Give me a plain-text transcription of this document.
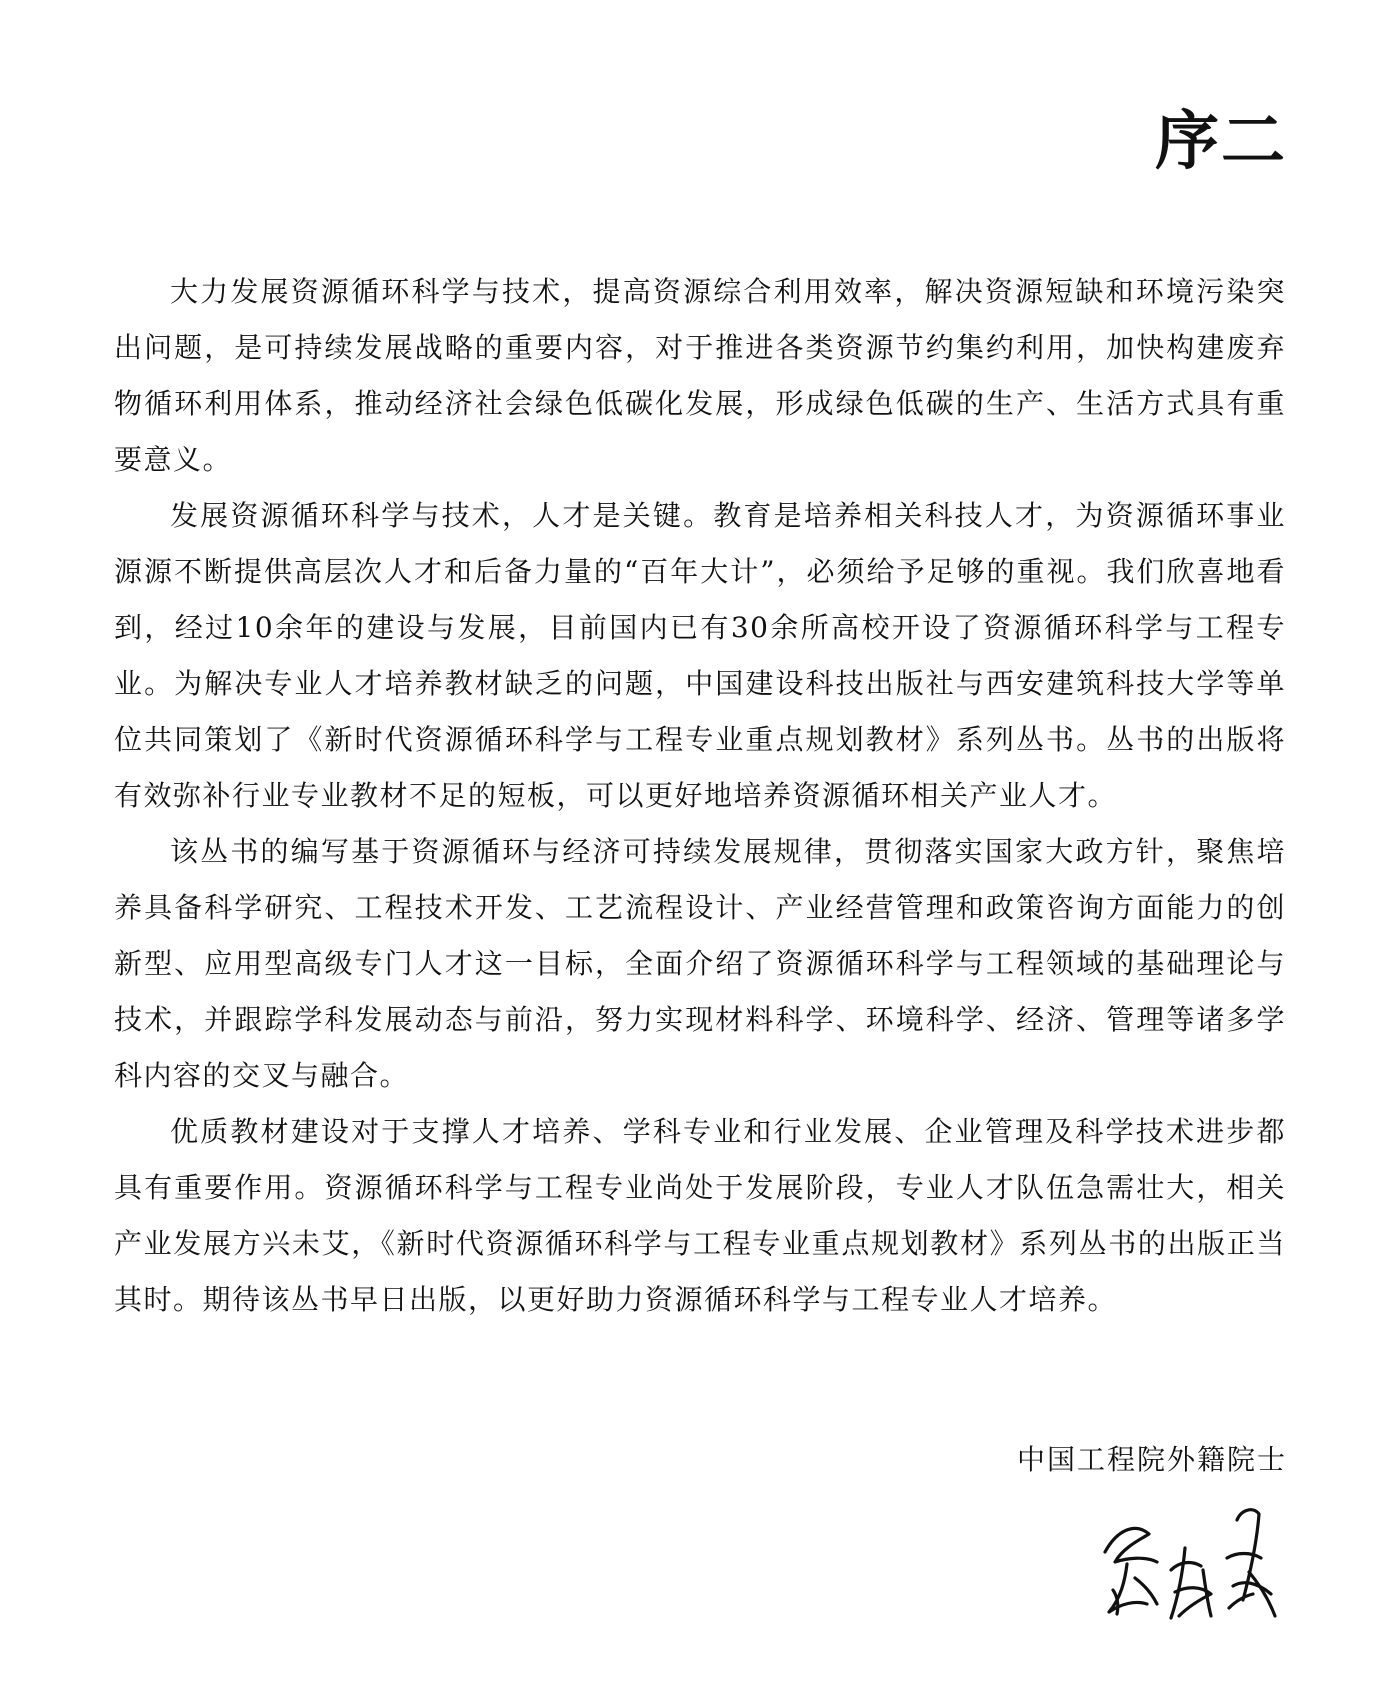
序二

大力发展资源循环科学与技术，提高资源综合利用效率，解决资源短缺和环境污染突出问题，是可持续发展战略的重要内容，对于推进各类资源节约集约利用，加快构建废弃物循环利用体系，推动经济社会绿色低碳化发展，形成绿色低碳的生产、生活方式具有重要意义。

发展资源循环科学与技术，人才是关键。教育是培养相关科技人才，为资源循环事业源源不断提供高层次人才和后备力量的“百年大计”，必须给予足够的重视。我们欣喜地看到，经过10余年的建设与发展，目前国内已有30余所高校开设了资源循环科学与工程专业。为解决专业人才培养教材缺乏的问题，中国建设科技出版社与西安建筑科技大学等单位共同策划了《新时代资源循环科学与工程专业重点规划教材》系列丛书。丛书的出版将有效弥补行业专业教材不足的短板，可以更好地培养资源循环相关产业人才。

该丛书的编写基于资源循环与经济可持续发展规律，贯彻落实国家大政方针，聚焦培养具备科学研究、工程技术开发、工艺流程设计、产业经营管理和政策咨询方面能力的创新型、应用型高级专门人才这一目标，全面介绍了资源循环科学与工程领域的基础理论与技术，并跟踪学科发展动态与前沿，努力实现材料科学、环境科学、经济、管理等诸多学科内容的交叉与融合。

优质教材建设对于支撑人才培养、学科专业和行业发展、企业管理及科学技术进步都具有重要作用。资源循环科学与工程专业尚处于发展阶段，专业人才队伍急需壮大，相关产业发展方兴未艾，《新时代资源循环科学与工程专业重点规划教材》系列丛书的出版正当其时。期待该丛书早日出版，以更好助力资源循环科学与工程专业人才培养。

中国工程院外籍院士
